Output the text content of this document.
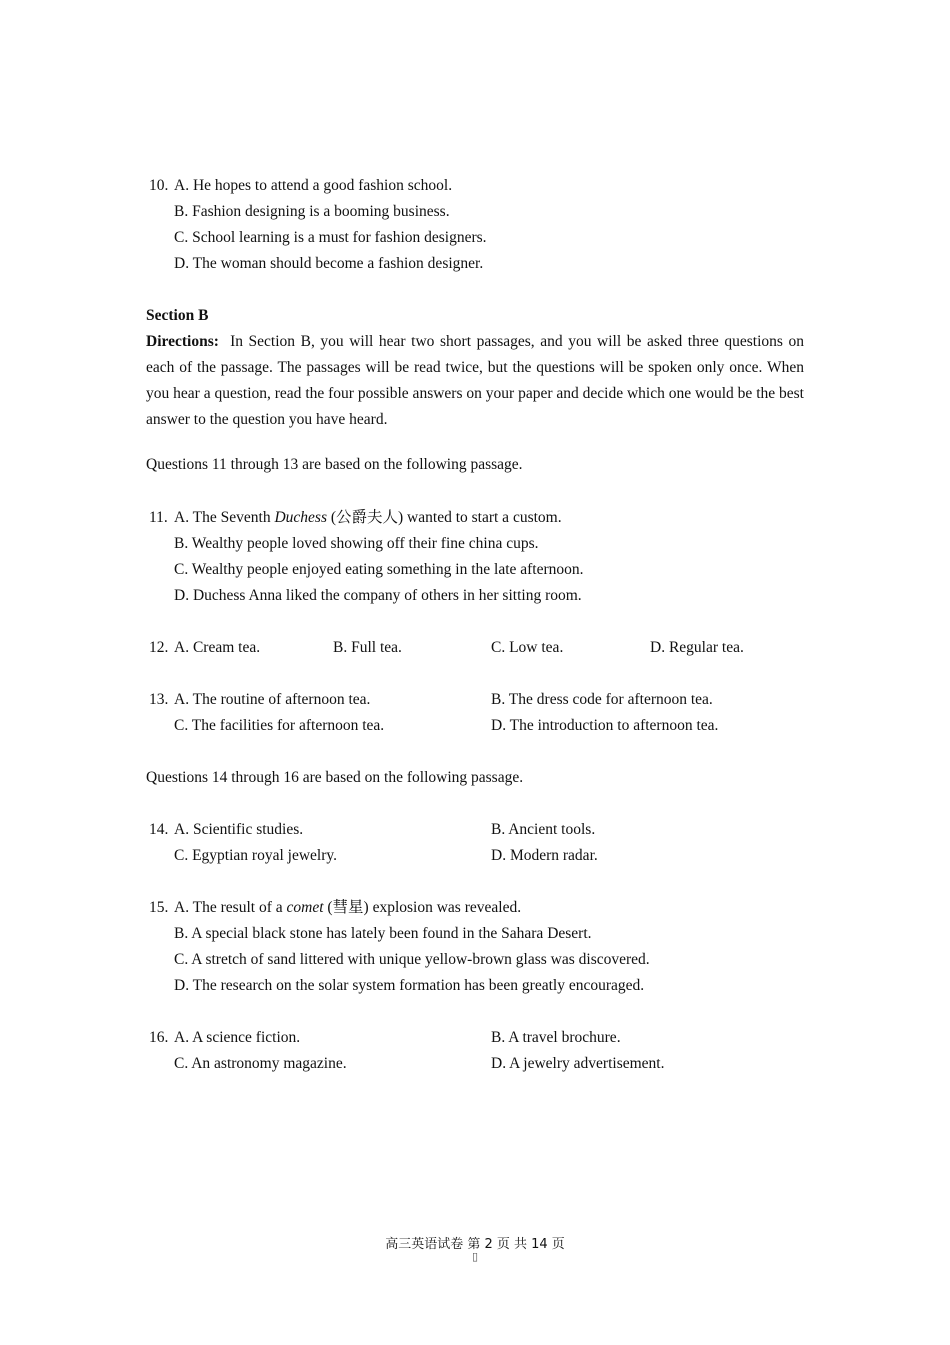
10. A. He hopes to attend a good fashion school.
B. Fashion designing is a booming business.
C. School learning is a must for fashion designers.
D. The woman should become a fashion designer.
Section B
Directions: In Section B, you will hear two short passages, and you will be asked three questions on each of the passage. The passages will be read twice, but the questions will be spoken only once. When you hear a question, read the four possible answers on your paper and decide which one would be the best answer to the question you have heard.
Questions 11 through 13 are based on the following passage.
11. A. The Seventh Duchess (公爵夫人) wanted to start a custom.
B. Wealthy people loved showing off their fine china cups.
C. Wealthy people enjoyed eating something in the late afternoon.
D. Duchess Anna liked the company of others in her sitting room.
12. A. Cream tea.	B. Full tea.	C. Low tea.	D. Regular tea.
13. A. The routine of afternoon tea.	B. The dress code for afternoon tea.
C. The facilities for afternoon tea.	D. The introduction to afternoon tea.
Questions 14 through 16 are based on the following passage.
14. A. Scientific studies.	B. Ancient tools.
C. Egyptian royal jewelry.	D. Modern radar.
15. A. The result of a comet (彗星) explosion was revealed.
B. A special black stone has lately been found in the Sahara Desert.
C. A stretch of sand littered with unique yellow-brown glass was discovered.
D. The research on the solar system formation has been greatly encouraged.
16. A. A science fiction.	B. A travel brochure.
C. An astronomy magazine.	D. A jewelry advertisement.
高三英语试卷 第 2 页 共 14 页
▯
